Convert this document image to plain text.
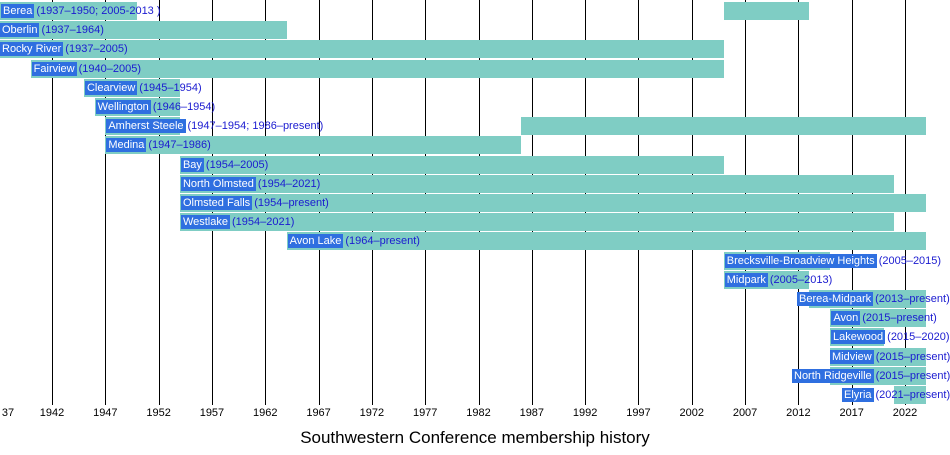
Berea (1937–1950; 2005-2013 )
Oberlin (1937–1964)
Rocky River (1937–2005)
Fairview (1940–2005)
Clearview (1945–1954)
Wellington (1946–1954)
Amherst Steele (1947–1954; 1986–present)
Medina (1947–1986)
Bay (1954–2005)
North Olmsted (1954–2021)
Olmsted Falls (1954–present)
Westlake (1954–2021)
Avon Lake (1964–present)
Brecksville-Broadview Heights (2005–2015)
Midpark (2005–2013)
Berea-Midpark (2013–present)
Avon (2015–present)
Lakewood (2015–2020)
Midview (2015–present)
North Ridgeville (2015–present)
Elyria (2021–present)
37 1942	1947	1952	1957	1962	1967	1972	1977	1982	1987	1992	1997	2002	2007	2012	2017	2022
Southwestern Conference membership history
